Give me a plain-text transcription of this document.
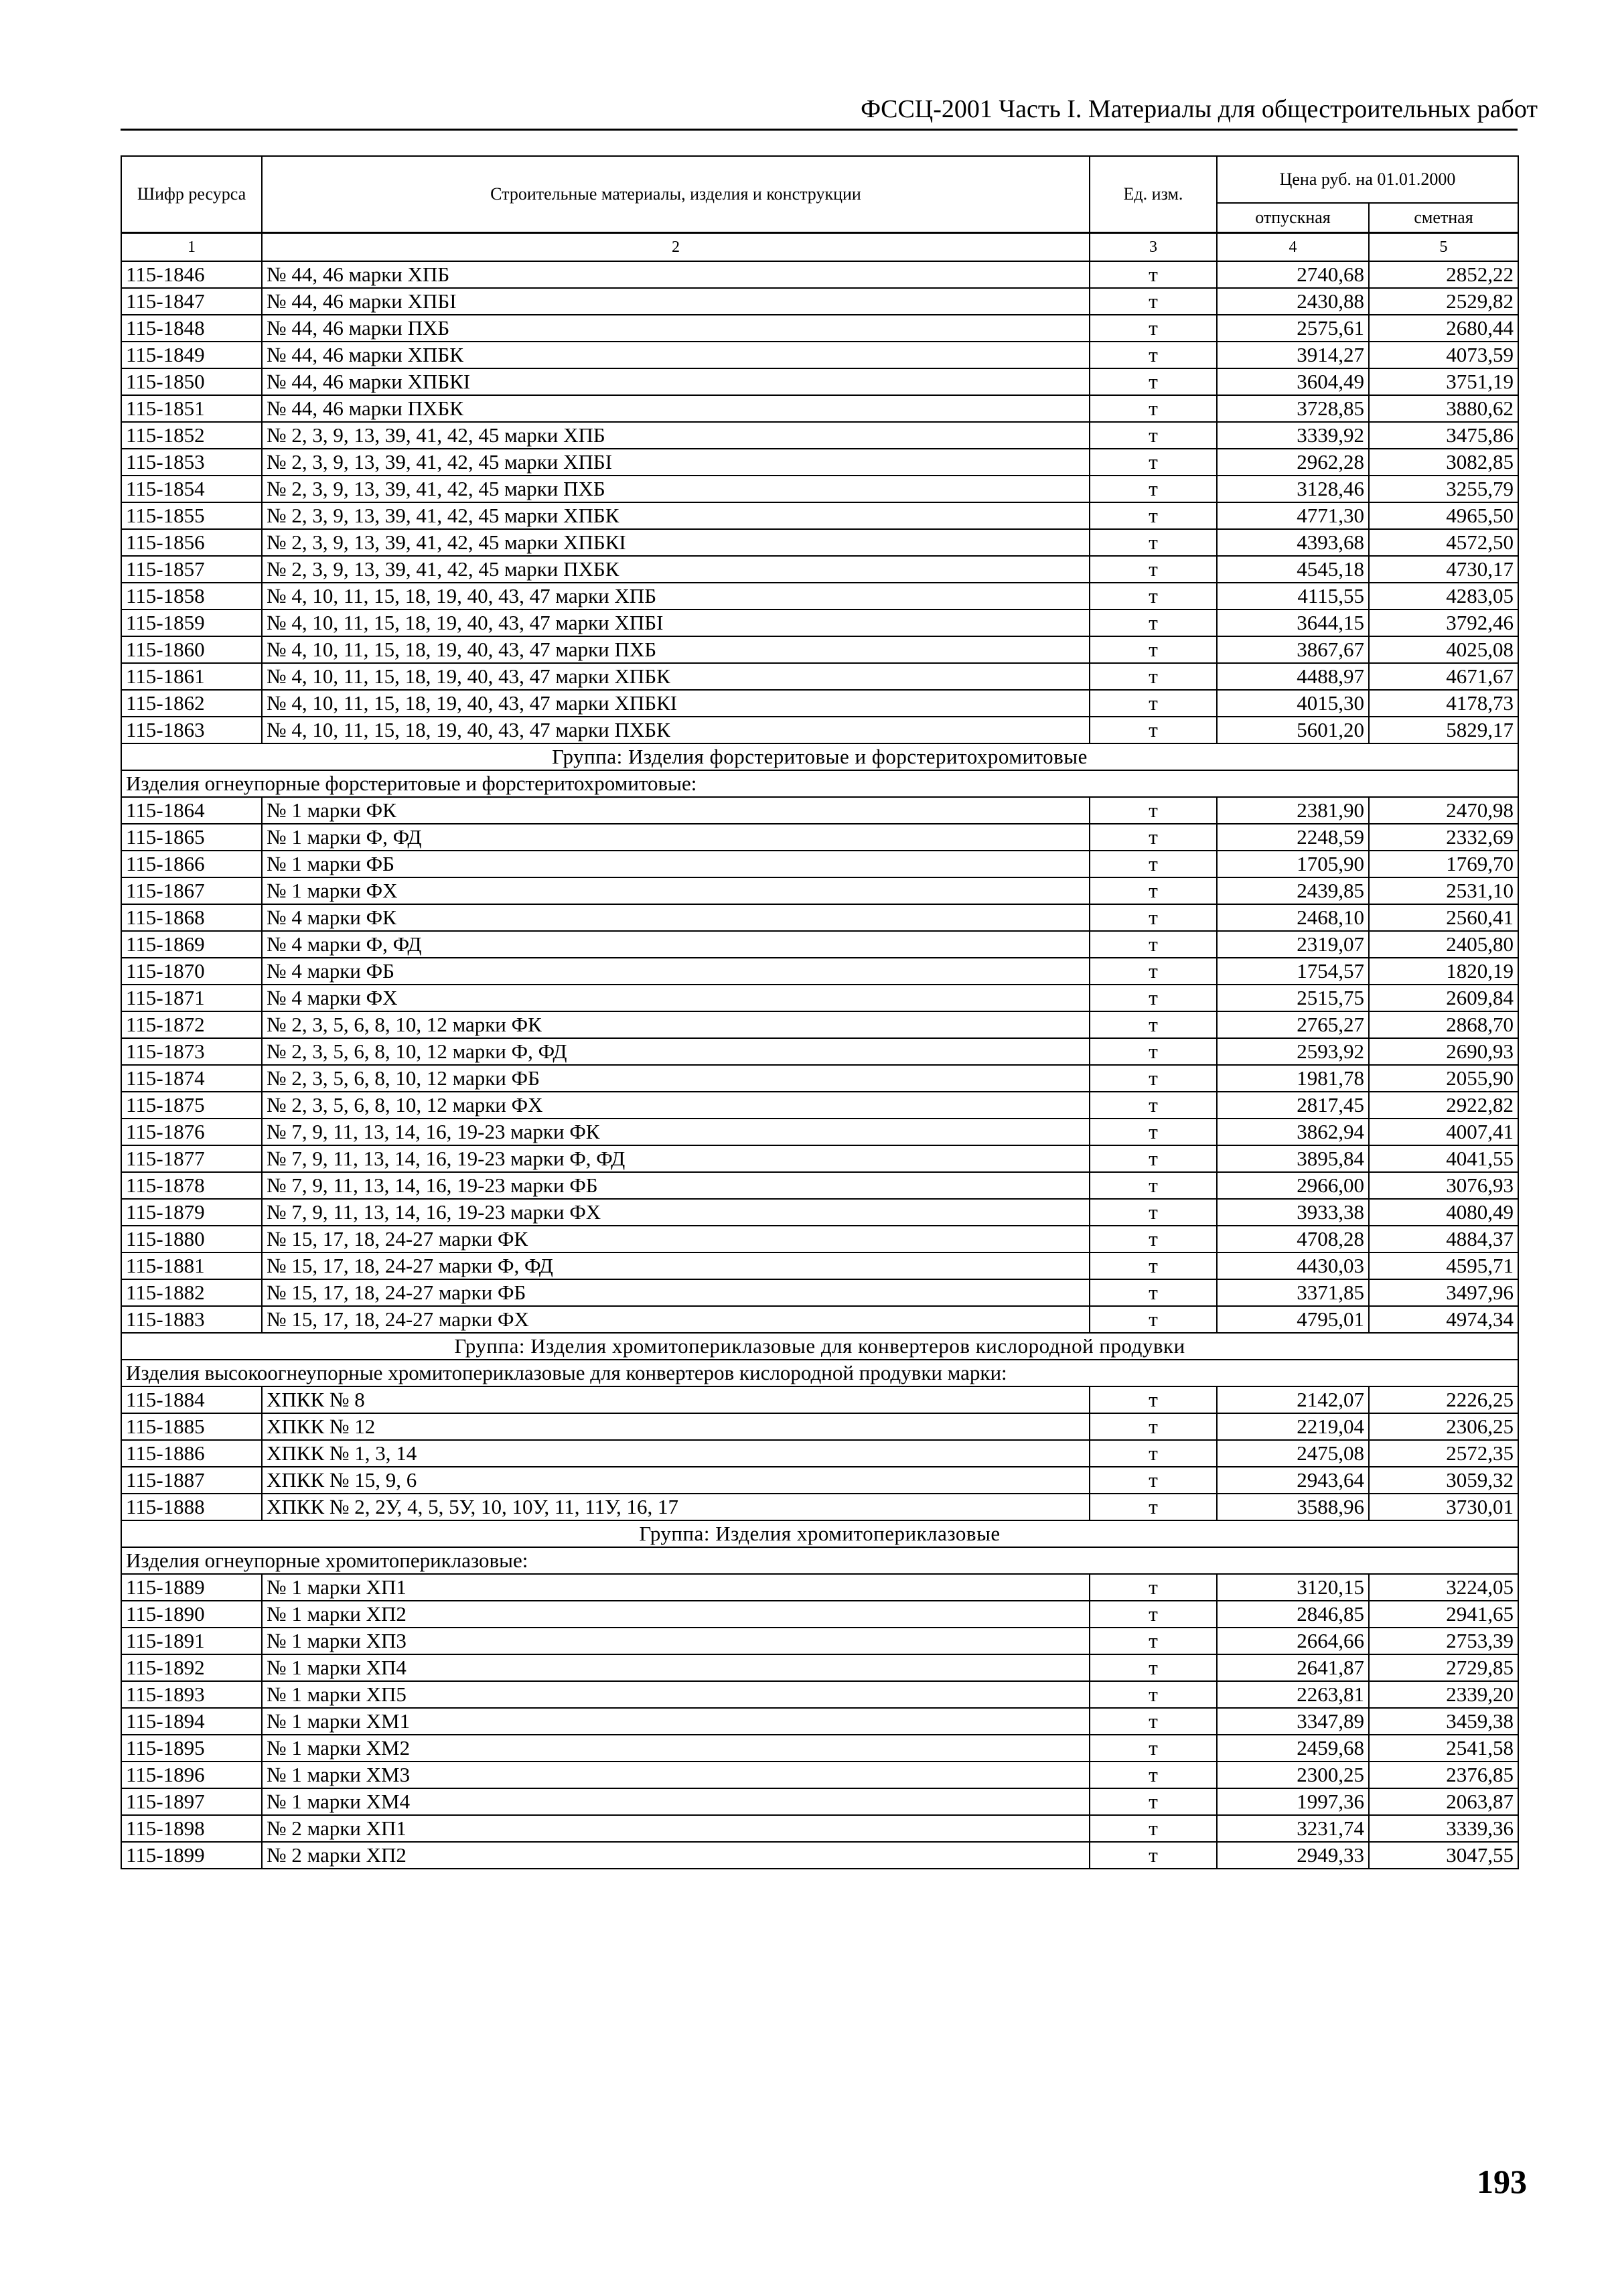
ФССЦ-2001 Часть I. Материалы для общестроительных работ
Шифр ресурса	Строительные материалы, изделия и конструкции	Ед. изм.	Цена руб. на 01.01.2000	
			отпускная	сметная
1	2	3	4	5
115-1846	№ 44, 46 марки ХПБ	т	2740,68	2852,22
115-1847	№ 44, 46 марки ХПБI	т	2430,88	2529,82
115-1848	№ 44, 46 марки ПХБ	т	2575,61	2680,44
115-1849	№ 44, 46 марки ХПБК	т	3914,27	4073,59
115-1850	№ 44, 46 марки ХПБКI	т	3604,49	3751,19
115-1851	№ 44, 46 марки ПХБК	т	3728,85	3880,62
115-1852	№ 2, 3, 9, 13, 39, 41, 42, 45 марки ХПБ	т	3339,92	3475,86
115-1853	№ 2, 3, 9, 13, 39, 41, 42, 45 марки ХПБI	т	2962,28	3082,85
115-1854	№ 2, 3, 9, 13, 39, 41, 42, 45 марки ПХБ	т	3128,46	3255,79
115-1855	№ 2, 3, 9, 13, 39, 41, 42, 45 марки ХПБК	т	4771,30	4965,50
115-1856	№ 2, 3, 9, 13, 39, 41, 42, 45 марки ХПБКI	т	4393,68	4572,50
115-1857	№ 2, 3, 9, 13, 39, 41, 42, 45 марки ПХБК	т	4545,18	4730,17
115-1858	№ 4, 10, 11, 15, 18, 19, 40, 43, 47 марки ХПБ	т	4115,55	4283,05
115-1859	№ 4, 10, 11, 15, 18, 19, 40, 43, 47 марки ХПБI	т	3644,15	3792,46
115-1860	№ 4, 10, 11, 15, 18, 19, 40, 43, 47 марки ПХБ	т	3867,67	4025,08
115-1861	№ 4, 10, 11, 15, 18, 19, 40, 43, 47 марки ХПБК	т	4488,97	4671,67
115-1862	№ 4, 10, 11, 15, 18, 19, 40, 43, 47 марки ХПБКI	т	4015,30	4178,73
115-1863	№ 4, 10, 11, 15, 18, 19, 40, 43, 47 марки ПХБК	т	5601,20	5829,17
Группа: Изделия форстеритовые и форстеритохромитовые				
Изделия огнеупорные форстеритовые и форстеритохромитовые:				
115-1864	№ 1 марки ФК	т	2381,90	2470,98
115-1865	№ 1 марки Ф, ФД	т	2248,59	2332,69
115-1866	№ 1 марки ФБ	т	1705,90	1769,70
115-1867	№ 1 марки ФХ	т	2439,85	2531,10
115-1868	№ 4 марки ФК	т	2468,10	2560,41
115-1869	№ 4 марки Ф, ФД	т	2319,07	2405,80
115-1870	№ 4 марки ФБ	т	1754,57	1820,19
115-1871	№ 4 марки ФХ	т	2515,75	2609,84
115-1872	№ 2, 3, 5, 6, 8, 10, 12 марки ФК	т	2765,27	2868,70
115-1873	№ 2, 3, 5, 6, 8, 10, 12 марки Ф, ФД	т	2593,92	2690,93
115-1874	№ 2, 3, 5, 6, 8, 10, 12 марки ФБ	т	1981,78	2055,90
115-1875	№ 2, 3, 5, 6, 8, 10, 12 марки ФХ	т	2817,45	2922,82
115-1876	№ 7, 9, 11, 13, 14, 16, 19-23 марки ФК	т	3862,94	4007,41
115-1877	№ 7, 9, 11, 13, 14, 16, 19-23 марки Ф, ФД	т	3895,84	4041,55
115-1878	№ 7, 9, 11, 13, 14, 16, 19-23 марки ФБ	т	2966,00	3076,93
115-1879	№ 7, 9, 11, 13, 14, 16, 19-23 марки ФХ	т	3933,38	4080,49
115-1880	№ 15, 17, 18, 24-27 марки ФК	т	4708,28	4884,37
115-1881	№ 15, 17, 18, 24-27 марки Ф, ФД	т	4430,03	4595,71
115-1882	№ 15, 17, 18, 24-27 марки ФБ	т	3371,85	3497,96
115-1883	№ 15, 17, 18, 24-27 марки ФХ	т	4795,01	4974,34
Группа: Изделия хромитопериклазовые для конвертеров кислородной продувки				
Изделия высокоогнеупорные хромитопериклазовые для конвертеров кислородной продувки марки:				
115-1884	ХПКК № 8	т	2142,07	2226,25
115-1885	ХПКК № 12	т	2219,04	2306,25
115-1886	ХПКК № 1, 3, 14	т	2475,08	2572,35
115-1887	ХПКК № 15, 9, 6	т	2943,64	3059,32
115-1888	ХПКК № 2, 2У, 4, 5, 5У, 10, 10У, 11, 11У, 16, 17	т	3588,96	3730,01
Группа: Изделия хромитопериклазовые				
Изделия огнеупорные хромитопериклазовые:				
115-1889	№ 1 марки ХП1	т	3120,15	3224,05
115-1890	№ 1 марки ХП2	т	2846,85	2941,65
115-1891	№ 1 марки ХП3	т	2664,66	2753,39
115-1892	№ 1 марки ХП4	т	2641,87	2729,85
115-1893	№ 1 марки ХП5	т	2263,81	2339,20
115-1894	№ 1 марки ХМ1	т	3347,89	3459,38
115-1895	№ 1 марки ХМ2	т	2459,68	2541,58
115-1896	№ 1 марки ХМ3	т	2300,25	2376,85
115-1897	№ 1 марки ХМ4	т	1997,36	2063,87
115-1898	№ 2 марки ХП1	т	3231,74	3339,36
115-1899	№ 2 марки ХП2	т	2949,33	3047,55
193
